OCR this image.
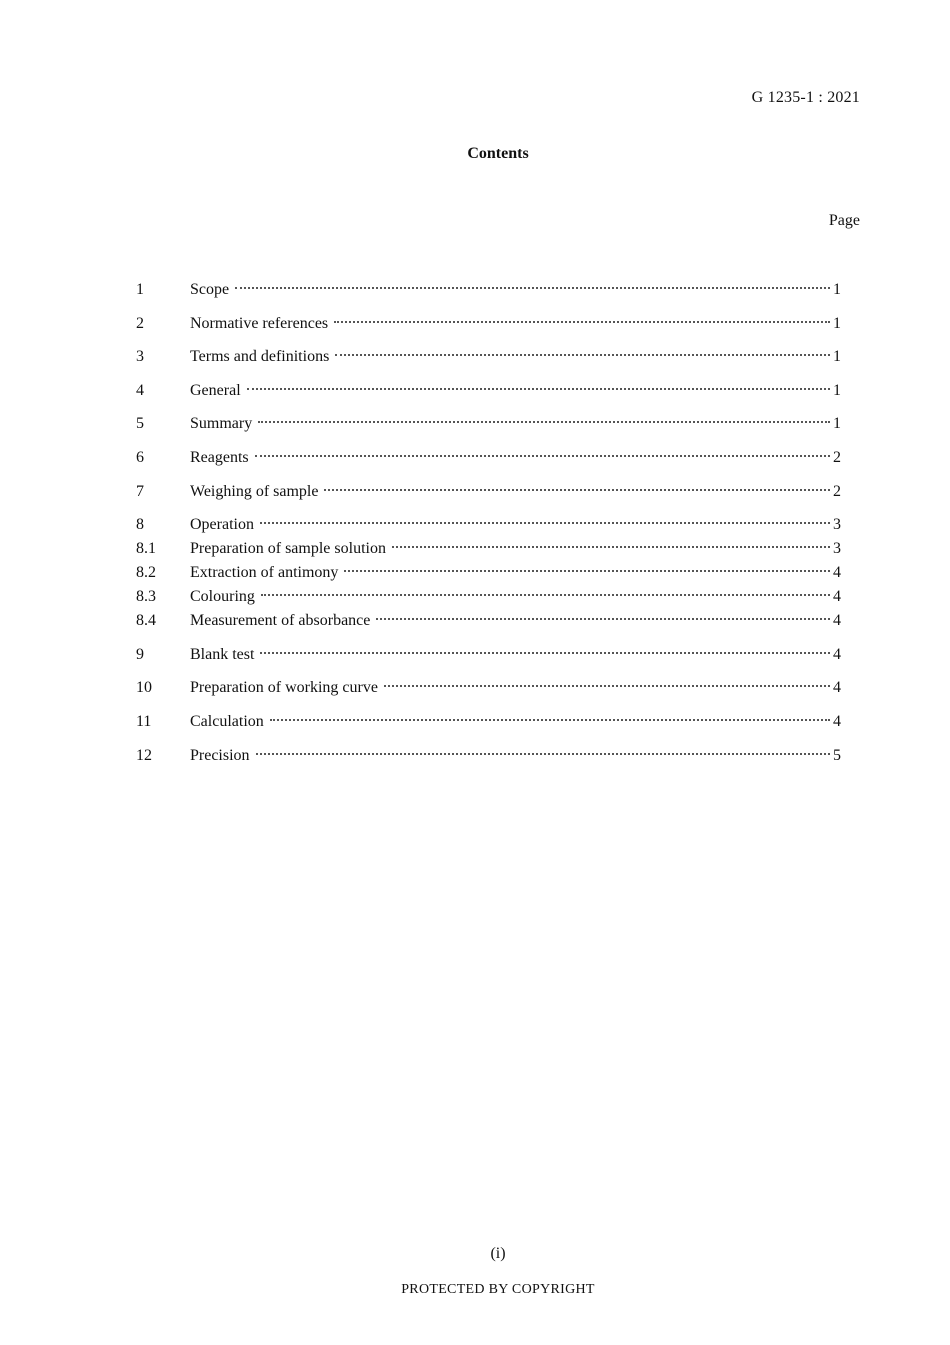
G 1235-1 : 2021
Contents
Page
1	Scope	1
2	Normative references	1
3	Terms and definitions	1
4	General	1
5	Summary	1
6	Reagents	2
7	Weighing of sample	2
8	Operation	3
8.1	Preparation of sample solution	3
8.2	Extraction of antimony	4
8.3	Colouring	4
8.4	Measurement of absorbance	4
9	Blank test	4
10	Preparation of working curve	4
11	Calculation	4
12	Precision	5
(i)
PROTECTED BY COPYRIGHT
